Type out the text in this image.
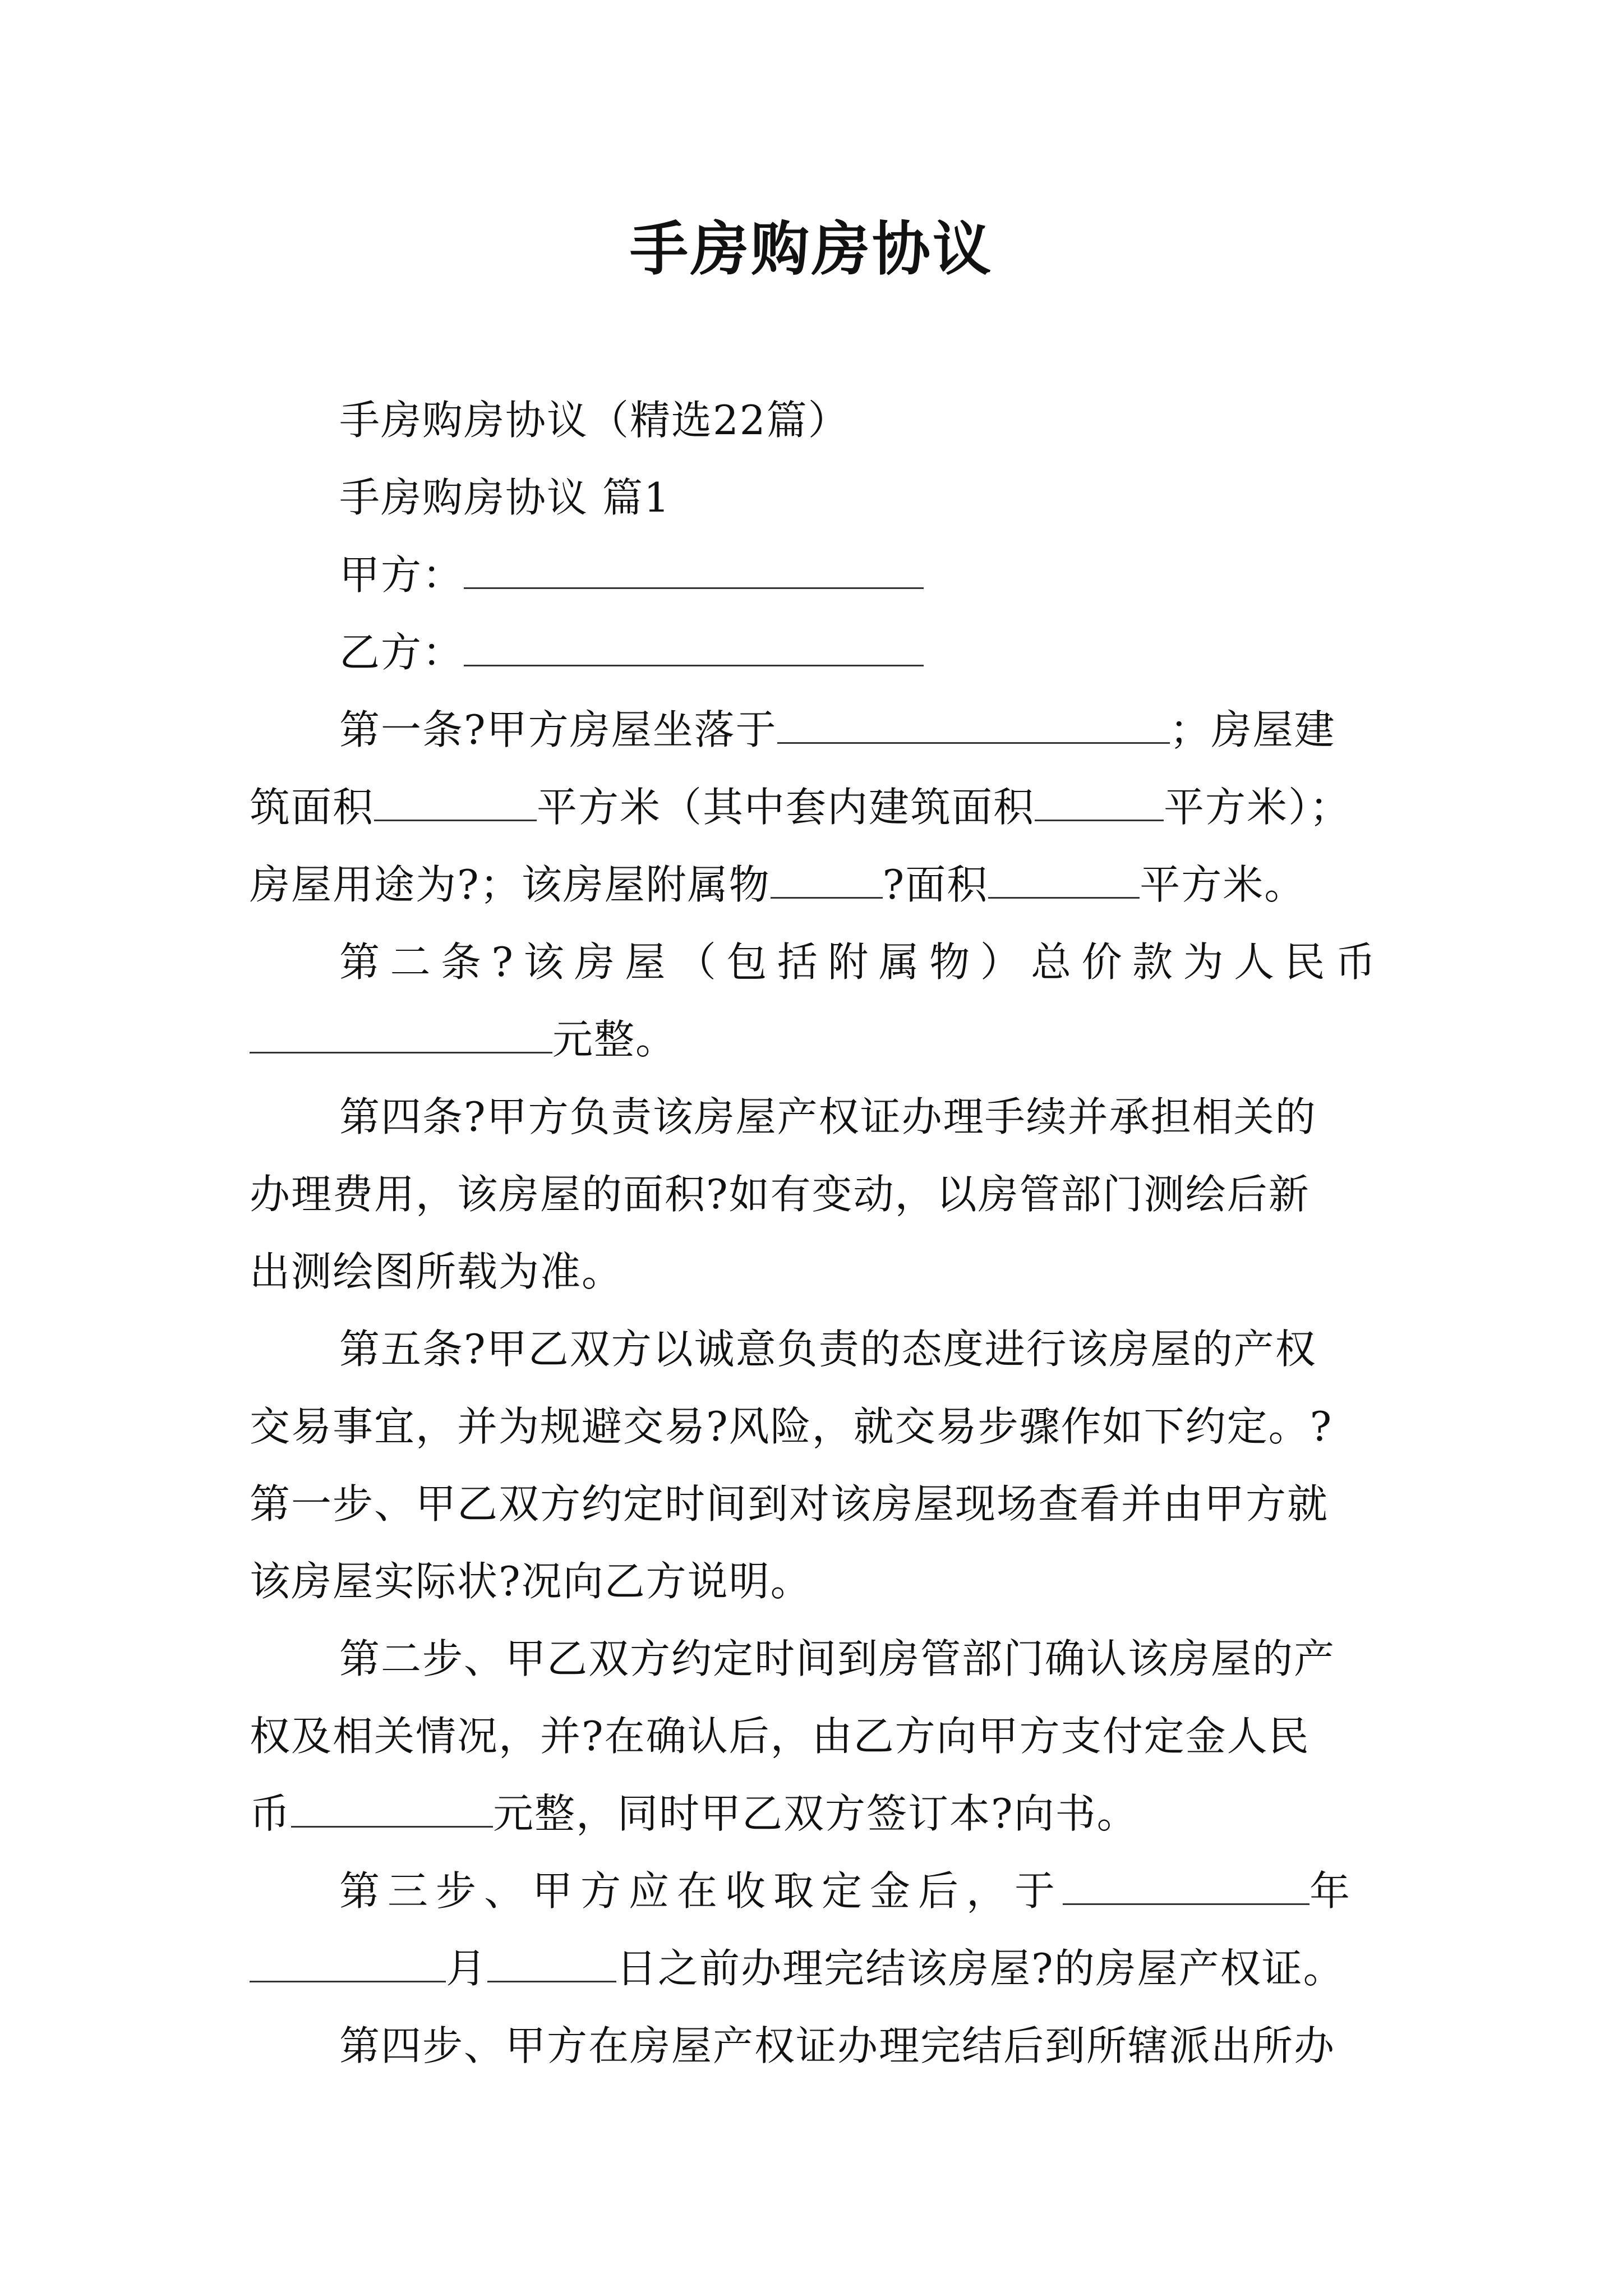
手房购房协议
手房购房协议（精选22篇）
手房购房协议 篇1
甲方：
乙方：
第一条?甲方房屋坐落于	；房屋建
筑面积	平方米（其中套内建筑面积	平方米）；
房屋用途为?；该房屋附属物	?面积	平方米。
第二条?该房屋（包括附属物）总价款为人民币
元整。
第四条?甲方负责该房屋产权证办理手续并承担相关的
办理费用，该房屋的面积?如有变动，以房管部门测绘后新
出测绘图所载为准。
第五条?甲乙双方以诚意负责的态度进行该房屋的产权
交易事宜，并为规避交易?风险，就交易步骤作如下约定。?
第一步、甲乙双方约定时间到对该房屋现场查看并由甲方就
该房屋实际状?况向乙方说明。
第二步、甲乙双方约定时间到房管部门确认该房屋的产
权及相关情况，并?在确认后，由乙方向甲方支付定金人民
币	元整，同时甲乙双方签订本?向书。
第三步、甲方应在收取定金后，于	年
月	日之前办理完结该房屋?的房屋产权证。
第四步、甲方在房屋产权证办理完结后到所辖派出所办
